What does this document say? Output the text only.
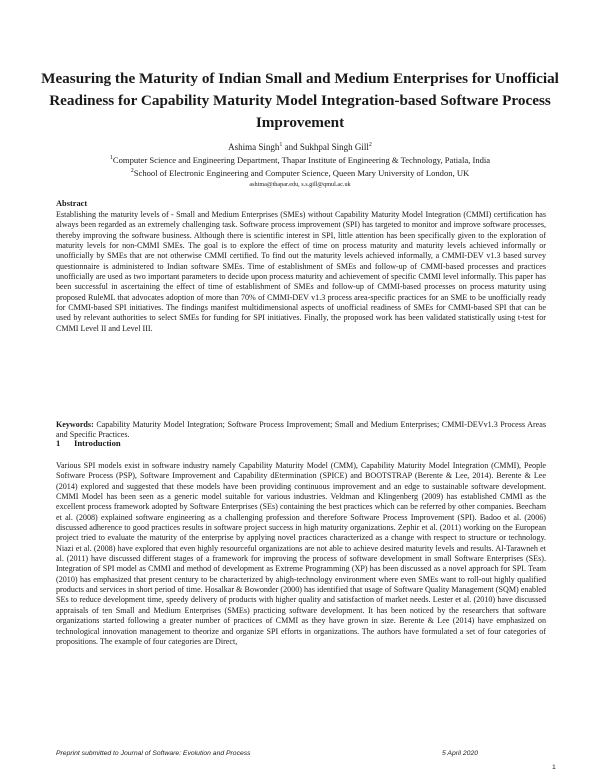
Measuring the Maturity of Indian Small and Medium Enterprises for Unofficial Readiness for Capability Maturity Model Integration-based Software Process Improvement
Ashima Singh$^1$ and Sukhpal Singh Gill$^2$
$^1$Computer Science and Engineering Department, Thapar Institute of Engineering & Technology, Patiala, India
$^2$School of Electronic Engineering and Computer Science, Queen Mary University of London, UK
ashima@thapar.edu, s.s.gill@qmul.ac.uk
Abstract
Establishing the maturity levels of - Small and Medium Enterprises (SMEs) without Capability Maturity Model Integration (CMMI) certification has always been regarded as an extremely challenging task. Software process improvement (SPI) has targeted to monitor and improve software processes, thereby improving the software business. Although there is scientific interest in SPI, little attention has been specifically given to the exploration of maturity levels for non-CMMI SMEs. The goal is to explore the effect of time on process maturity and maturity levels achieved informally or unofficially by SMEs that are not otherwise CMMI certified. To find out the maturity levels achieved informally, a CMMI-DEV v1.3 based survey questionnaire is administered to Indian software SMEs. Time of establishment of SMEs and follow-up of CMMI-based processes and practices unofficially are used as two important parameters to decide upon process maturity and achievement of specific CMMI level informally. This paper has been successful in ascertaining the effect of time of establishment of SMEs and follow-up of CMMI-based processes on process maturity using proposed RuleML that advocates adoption of more than 70% of CMMI-DEV v1.3 process area-specific practices for an SME to be unofficially ready for CMMI-based SPI initiatives. The findings manifest multidimensional aspects of unofficial readiness of SMEs for CMMI-based SPI that can be used by relevant authorities to select SMEs for funding for SPI initiatives. Finally, the proposed work has been validated statistically using t-test for CMMI Level II and Level III.
Keywords: Capability Maturity Model Integration; Software Process Improvement; Small and Medium Enterprises; CMMI-DEVv1.3 Process Areas and Specific Practices.
1 Introduction
Various SPI models exist in software industry namely Capability Maturity Model (CMM), Capability Maturity Model Integration (CMMI), People Software Process (PSP), Software Improvement and Capability dEtermination (SPICE) and BOOTSTRAP (Berente & Lee, 2014). Berente & Lee (2014) explored and suggested that these models have been providing continuous improvement and an edge to sustainable software development. CMMI Model has been seen as a generic model suitable for various industries. Veldman and Klingenberg (2009) has established CMMI as the excellent process framework adopted by Software Enterprises (SEs) containing the best practices which can be referred by other companies. Beecham et al. (2008) explained software engineering as a challenging profession and therefore Software Process Improvement (SPI). Badoo et al. (2006) discussed adherence to good practices results in software project success in high maturity organizations. Zephir et al. (2011) working on the European project tried to evaluate the maturity of the enterprise by applying novel practices characterized as a change with respect to structure or technology. Niazi et al. (2008) have explored that even highly resourceful organizations are not able to achieve desired maturity levels and results. Al-Tarawneh et al. (2011) have discussed different stages of a framework for improving the process of software development in small Software Enterprises (SEs). Integration of SPI model as CMMI and method of development as Extreme Programming (XP) has been discussed as a novel approach for SPI. Team (2010) has emphasized that present century to be characterized by ahigh-technology environment where even SMEs want to roll-out highly qualified products and services in short period of time. Hosalkar & Bowonder (2000) has identified that usage of Software Quality Management (SQM) enabled SEs to reduce development time, speedy delivery of products with higher quality and satisfaction of market needs. Lester et al. (2010) have discussed appraisals of ten Small and Medium Enterprises (SMEs) practicing software development. It has been noticed by the researchers that software organizations started following a greater number of practices of CMMI as they have grown in size. Berente & Lee (2014) have emphasized on technological innovation management to theorize and organize SPI efforts in organizations. The authors have formulated a set of four categories of propositions. The example of four categories are Direct,
Preprint submitted to Journal of Software: Evolution and Process	5 April 2020
1
